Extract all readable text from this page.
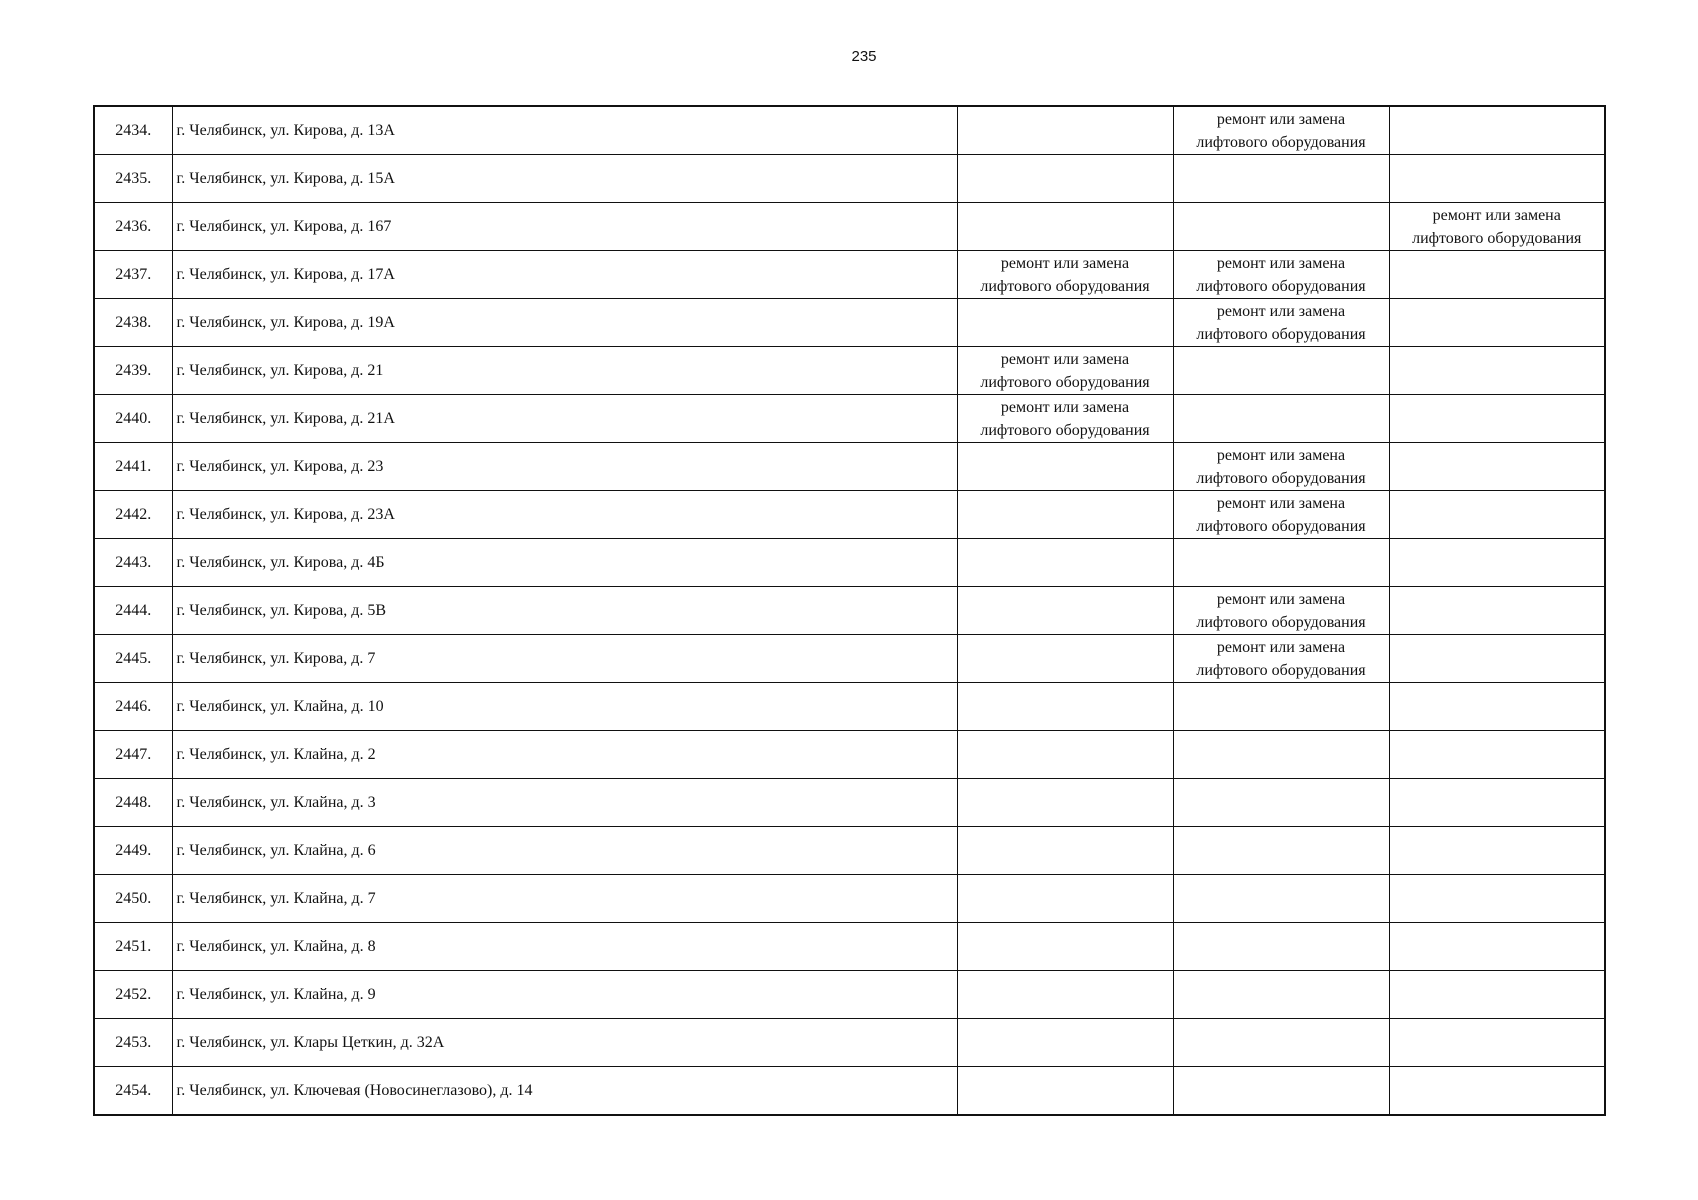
235
2434.	г. Челябинск, ул. Кирова, д. 13А		ремонт или замена
лифтового оборудования	
2435.	г. Челябинск, ул. Кирова, д. 15А			
2436.	г. Челябинск, ул. Кирова, д. 167			ремонт или замена
лифтового оборудования
2437.	г. Челябинск, ул. Кирова, д. 17А	ремонт или замена
лифтового оборудования	ремонт или замена
лифтового оборудования	
2438.	г. Челябинск, ул. Кирова, д. 19А		ремонт или замена
лифтового оборудования	
2439.	г. Челябинск, ул. Кирова, д. 21	ремонт или замена
лифтового оборудования		
2440.	г. Челябинск, ул. Кирова, д. 21А	ремонт или замена
лифтового оборудования		
2441.	г. Челябинск, ул. Кирова, д. 23		ремонт или замена
лифтового оборудования	
2442.	г. Челябинск, ул. Кирова, д. 23А		ремонт или замена
лифтового оборудования	
2443.	г. Челябинск, ул. Кирова, д. 4Б			
2444.	г. Челябинск, ул. Кирова, д. 5В		ремонт или замена
лифтового оборудования	
2445.	г. Челябинск, ул. Кирова, д. 7		ремонт или замена
лифтового оборудования	
2446.	г. Челябинск, ул. Клайна, д. 10			
2447.	г. Челябинск, ул. Клайна, д. 2			
2448.	г. Челябинск, ул. Клайна, д. 3			
2449.	г. Челябинск, ул. Клайна, д. 6			
2450.	г. Челябинск, ул. Клайна, д. 7			
2451.	г. Челябинск, ул. Клайна, д. 8			
2452.	г. Челябинск, ул. Клайна, д. 9			
2453.	г. Челябинск, ул. Клары Цеткин, д. 32А			
2454.	г. Челябинск, ул. Ключевая (Новосинеглазово), д. 14			
